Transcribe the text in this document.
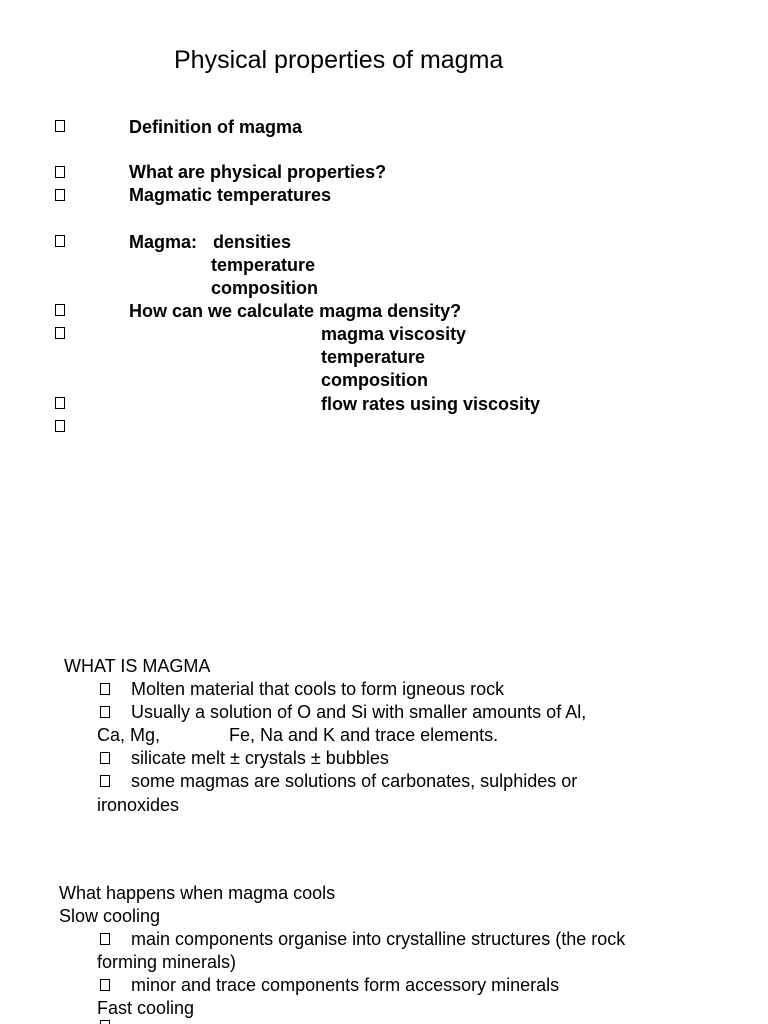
Physical properties of magma
Definition of magma
What are physical properties?
Magmatic temperatures
Magma: densities
temperature
composition
How can we calculate magma density?
magma viscosity
temperature
composition
flow rates using viscosity
WHAT IS MAGMA
Molten material that cools to form igneous rock
Usually a solution of O and Si with smaller amounts of Al,
Ca, Mg,	Fe, Na and K and trace elements.
silicate melt ± crystals ± bubbles
some magmas are solutions of carbonates, sulphides or
ironoxides
What happens when magma cools
Slow cooling
main components organise into crystalline structures (the rock
forming minerals)
minor and trace components form accessory minerals
Fast cooling
